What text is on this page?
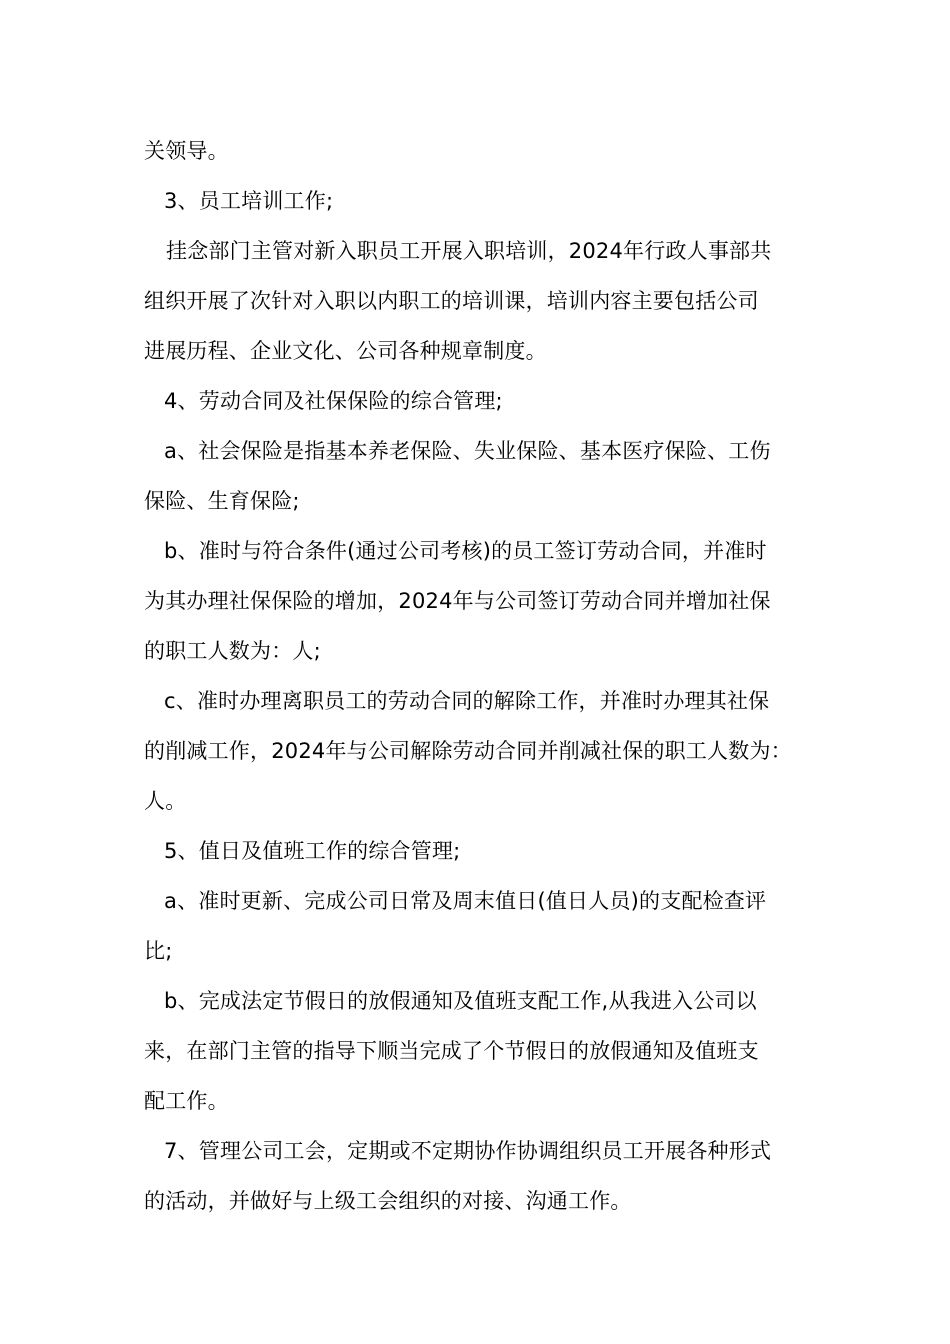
关领导。
3、员工培训工作;
挂念部门主管对新入职员工开展入职培训，2024年行政人事部共
组织开展了次针对入职以内职工的培训课，培训内容主要包括公司
进展历程、企业文化、公司各种规章制度。
4、劳动合同及社保保险的综合管理;
a、社会保险是指基本养老保险、失业保险、基本医疗保险、工伤
保险、生育保险;
b、准时与符合条件(通过公司考核)的员工签订劳动合同，并准时
为其办理社保保险的增加，2024年与公司签订劳动合同并增加社保
的职工人数为：人;
c、准时办理离职员工的劳动合同的解除工作，并准时办理其社保
的削减工作，2024年与公司解除劳动合同并削减社保的职工人数为：
人。
5、值日及值班工作的综合管理;
a、准时更新、完成公司日常及周末值日(值日人员)的支配检查评
比;
b、完成法定节假日的放假通知及值班支配工作,从我进入公司以
来，在部门主管的指导下顺当完成了个节假日的放假通知及值班支
配工作。
7、管理公司工会，定期或不定期协作协调组织员工开展各种形式
的活动，并做好与上级工会组织的对接、沟通工作。
